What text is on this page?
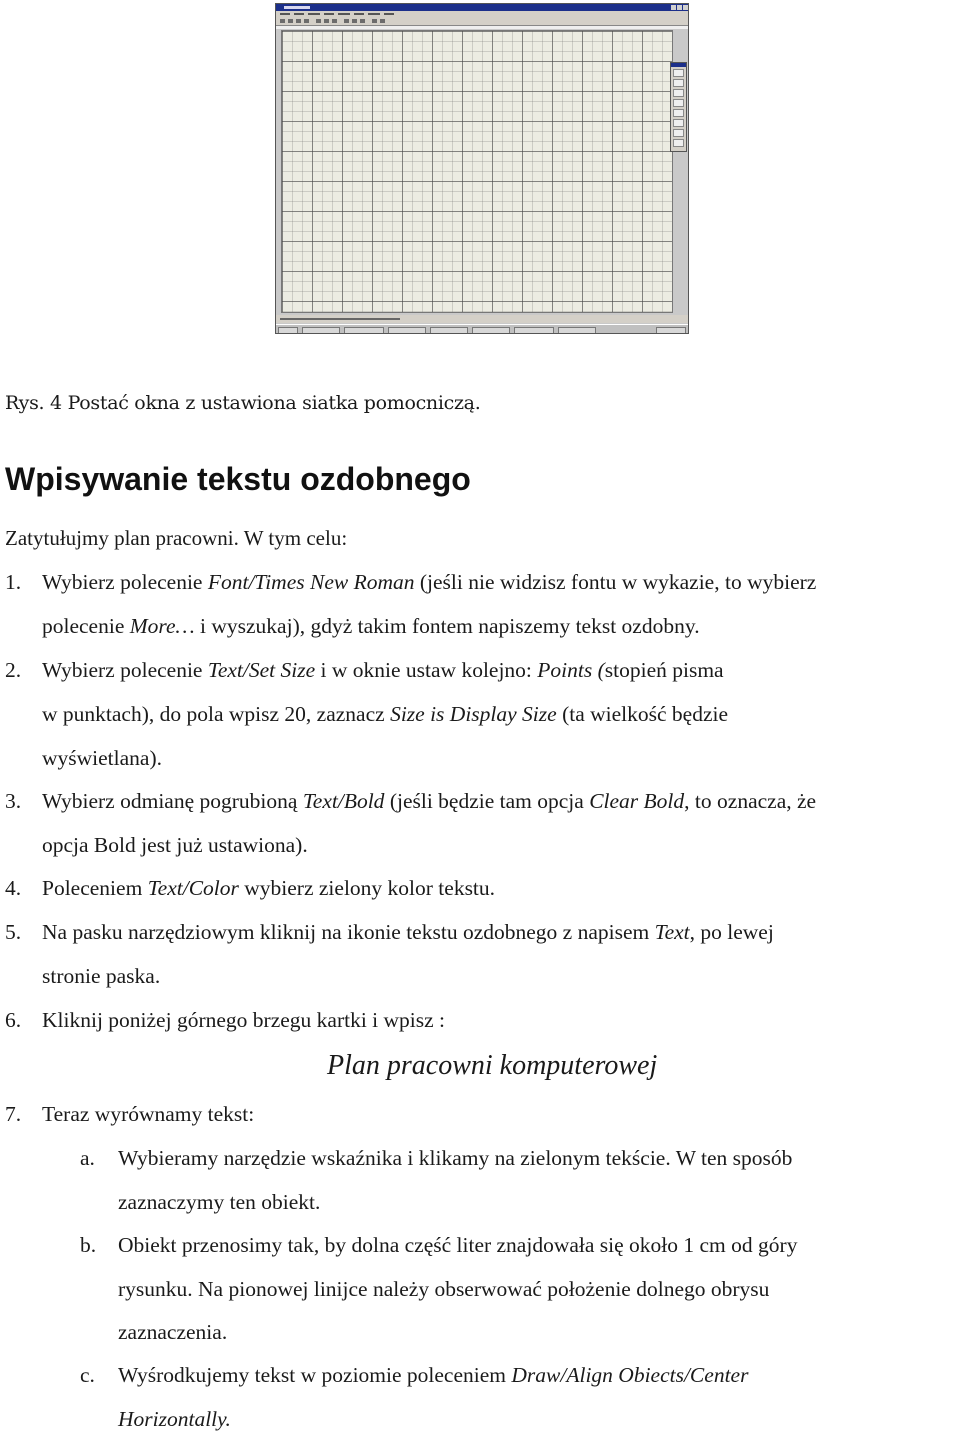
Rys. 4 Postać okna z ustawiona siatka pomocniczą.

Wpisywanie tekstu ozdobnego

Zatytułujmy plan pracowni. W tym celu:

1. Wybierz polecenie Font/Times New Roman (jeśli nie widzisz fontu w wykazie, to wybierz

polecenie More… i wyszukaj), gdyż takim fontem napiszemy tekst ozdobny.

2. Wybierz polecenie Text/Set Size i w oknie ustaw kolejno: Points (stopień pisma

w punktach), do pola wpisz 20, zaznacz Size is Display Size (ta wielkość będzie

wyświetlana).

3. Wybierz odmianę pogrubioną Text/Bold (jeśli będzie tam opcja Clear Bold, to oznacza, że

opcja Bold jest już ustawiona).

4. Poleceniem Text/Color wybierz zielony kolor tekstu.

5. Na pasku narzędziowym kliknij na ikonie tekstu ozdobnego z napisem Text, po lewej

stronie paska.

6. Kliknij poniżej górnego brzegu kartki i wpisz :

Plan pracowni komputerowej

7. Teraz wyrównamy tekst:

a. Wybieramy narzędzie wskaźnika i klikamy na zielonym tekście. W ten sposób

zaznaczymy ten obiekt.

b. Obiekt przenosimy tak, by dolna część liter znajdowała się około 1 cm od góry

rysunku. Na pionowej linijce należy obserwować położenie dolnego obrysu

zaznaczenia.

c. Wyśrodkujemy tekst w poziomie poleceniem Draw/Align Obiects/Center

Horizontally.
